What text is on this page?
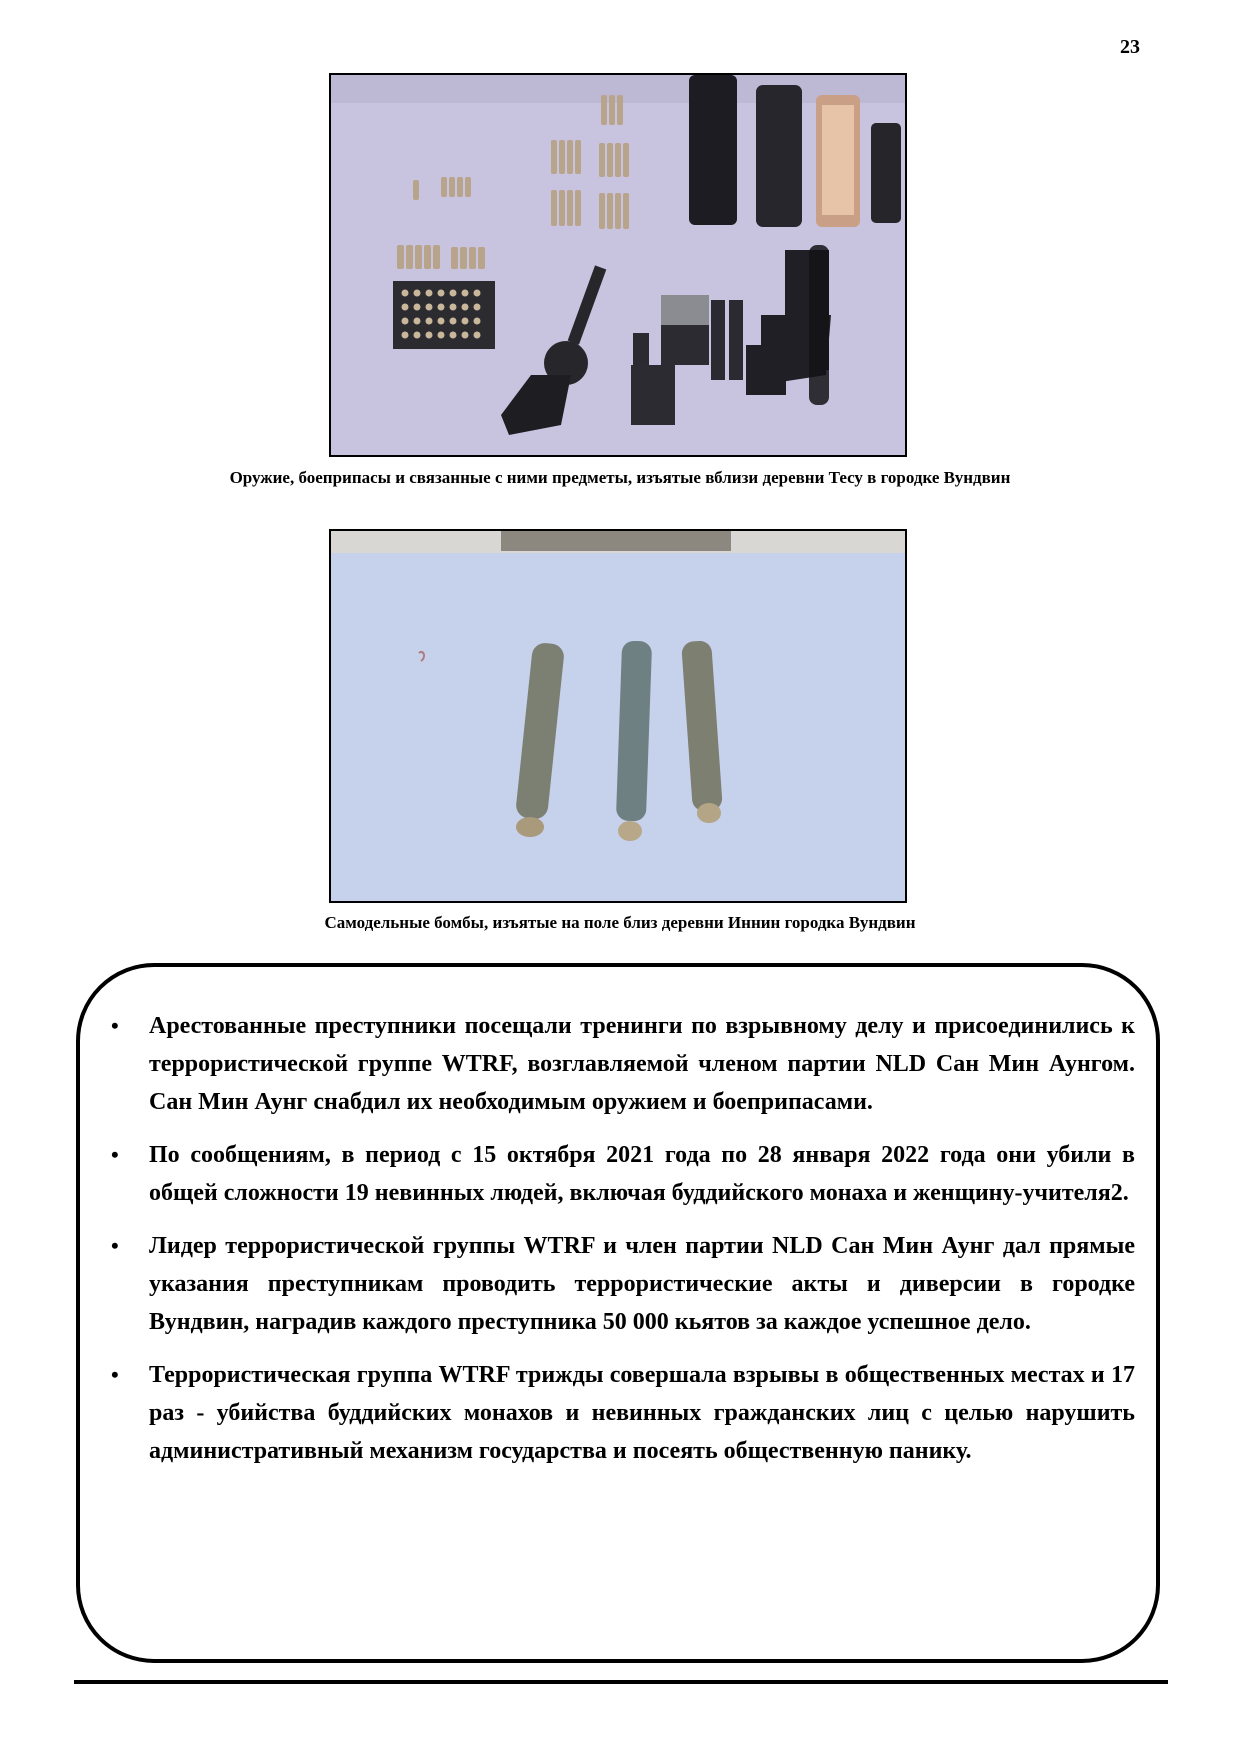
23
Оружие, боеприпасы и связанные с ними предметы, изъятые вблизи деревни Тесу в городке Вундвин
Самодельные бомбы, изъятые на поле близ деревни Иннин городка Вундвин
• Арестованные преступники посещали тренинги по взрывному делу и присоединились к террористической группе WTRF, возглавляемой членом партии NLD Сан Мин Аунгом. Сан Мин Аунг снабдил их необходимым оружием и боеприпасами.
• По сообщениям, в период с 15 октября 2021 года по 28 января 2022 года они убили в общей сложности 19 невинных людей, включая буддийского монаха и женщину-учителя2.
• Лидер террористической группы WTRF и член партии NLD Сан Мин Аунг дал прямые указания преступникам проводить террористические акты и диверсии в городке Вундвин, наградив каждого преступника 50 000 кьятов за каждое успешное дело.
• Террористическая группа WTRF трижды совершала взрывы в общественных местах и 17 раз - убийства буддийских монахов и невинных гражданских лиц с целью нарушить административный механизм государства и посеять общественную панику.
